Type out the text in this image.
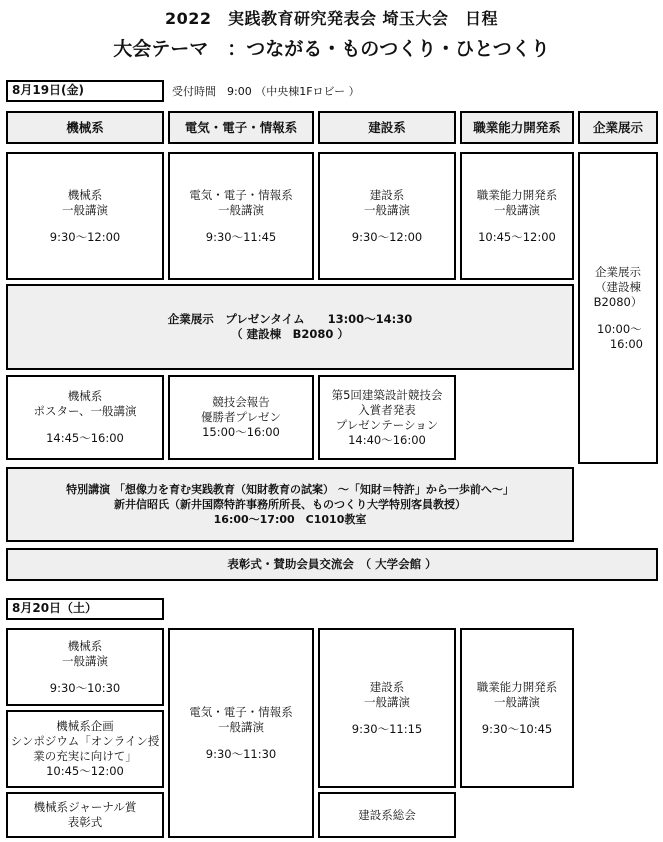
2022　実践教育研究発表会 埼玉大会　日程
大会テーマ　：つながる・ものつくり・ひとつくり
8月19日(金)	受付時間　9:00 （中央棟1Fロビー ）
機械系	電気・電子・情報系	建設系	職業能力開発系	企業展示
機械系
一般講演
9:30～12:00
電気・電子・情報系
一般講演
9:30～11:45
建設系
一般講演
9:30～12:00
職業能力開発系
一般講演
10:45～12:00
企業展示
（建設棟
B2080）
10:00～
16:00
企業展示　プレゼンタイム　　13:00～14:30
（ 建設棟　B2080 ）
機械系
ポスター、一般講演
14:45～16:00
競技会報告
優勝者プレゼン
15:00～16:00
第5回建築設計競技会
入賞者発表
プレゼンテーション
14:40～16:00
特別講演 「想像力を育む実践教育（知財教育の試案） ～「知財＝特許」から一歩前へ～」
新井信昭氏（新井国際特許事務所所長、ものつくり大学特別客員教授）
16:00～17:00　C1010教室
表彰式・賛助会員交流会　（ 大学会館 ）
8月20日（土）
機械系
一般講演
9:30～10:30
機械系企画
シンポジウム「オンライン授
業の充実に向けて」
10:45～12:00
機械系ジャーナル賞
表彰式
電気・電子・情報系
一般講演
9:30～11:30
建設系
一般講演
9:30～11:15
建設系総会
職業能力開発系
一般講演
9:30～10:45
